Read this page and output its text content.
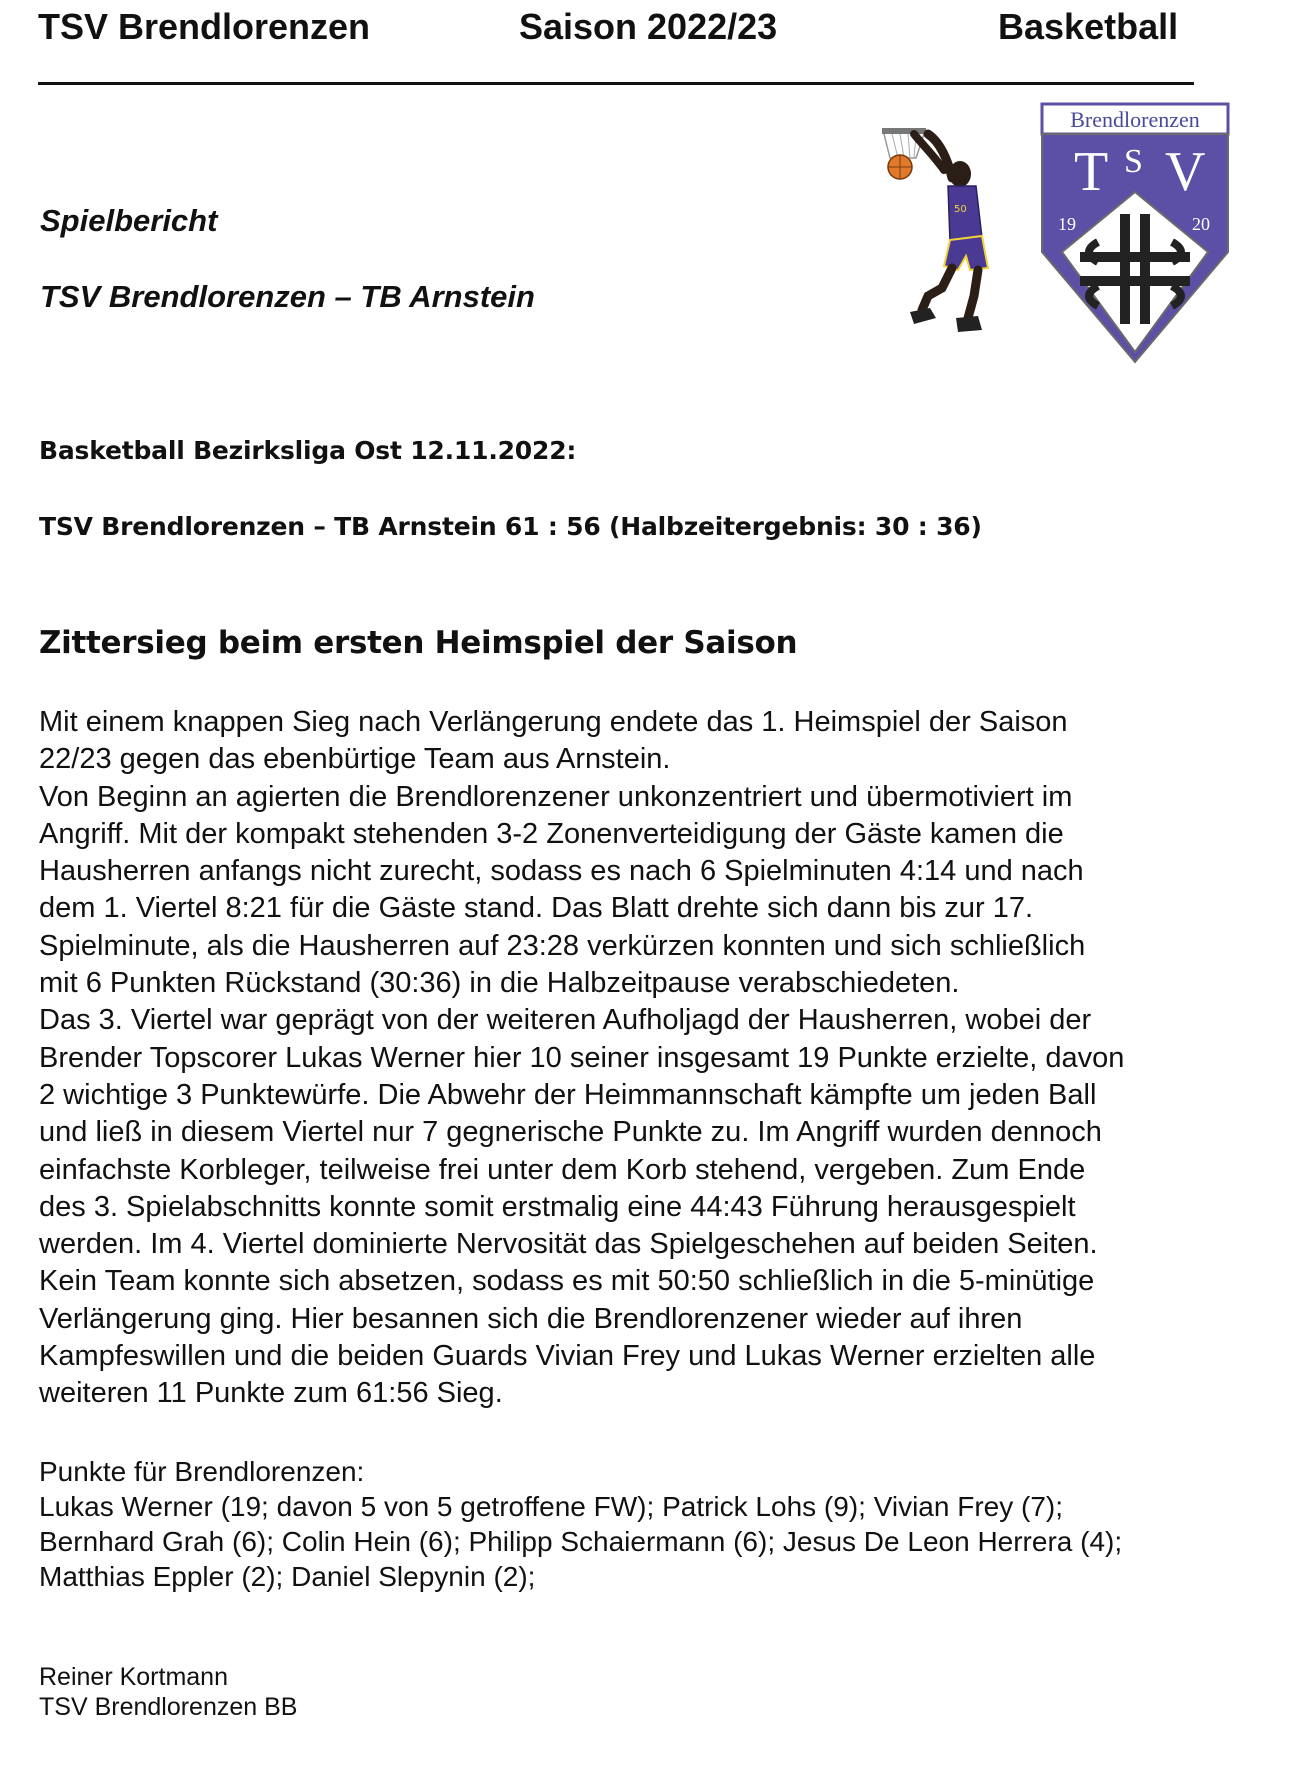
TSV Brendlorenzen	Saison 2022/23	Basketball
50
Brendlorenzen
T S V
19	20
Spielbericht
TSV Brendlorenzen – TB Arnstein
Basketball Bezirksliga Ost 12.11.2022:
TSV Brendlorenzen – TB Arnstein 61 : 56 (Halbzeitergebnis: 30 : 36)
Zittersieg beim ersten Heimspiel der Saison
Mit einem knappen Sieg nach Verlängerung endete das 1. Heimspiel der Saison
22/23 gegen das ebenbürtige Team aus Arnstein.
Von Beginn an agierten die Brendlorenzener unkonzentriert und übermotiviert im
Angriff. Mit der kompakt stehenden 3-2 Zonenverteidigung der Gäste kamen die
Hausherren anfangs nicht zurecht, sodass es nach 6 Spielminuten 4:14 und nach
dem 1. Viertel 8:21 für die Gäste stand. Das Blatt drehte sich dann bis zur 17.
Spielminute, als die Hausherren auf 23:28 verkürzen konnten und sich schließlich
mit 6 Punkten Rückstand (30:36) in die Halbzeitpause verabschiedeten.
Das 3. Viertel war geprägt von der weiteren Aufholjagd der Hausherren, wobei der
Brender Topscorer Lukas Werner hier 10 seiner insgesamt 19 Punkte erzielte, davon
2 wichtige 3 Punktewürfe. Die Abwehr der Heimmannschaft kämpfte um jeden Ball
und ließ in diesem Viertel nur 7 gegnerische Punkte zu. Im Angriff wurden dennoch
einfachste Korbleger, teilweise frei unter dem Korb stehend, vergeben. Zum Ende
des 3. Spielabschnitts konnte somit erstmalig eine 44:43 Führung herausgespielt
werden. Im 4. Viertel dominierte Nervosität das Spielgeschehen auf beiden Seiten.
Kein Team konnte sich absetzen, sodass es mit 50:50 schließlich in die 5-minütige
Verlängerung ging. Hier besannen sich die Brendlorenzener wieder auf ihren
Kampfeswillen und die beiden Guards Vivian Frey und Lukas Werner erzielten alle
weiteren 11 Punkte zum 61:56 Sieg.
Punkte für Brendlorenzen:
Lukas Werner (19; davon 5 von 5 getroffene FW); Patrick Lohs (9); Vivian Frey (7);
Bernhard Grah (6); Colin Hein (6); Philipp Schaiermann (6); Jesus De Leon Herrera (4);
Matthias Eppler (2); Daniel Slepynin (2);
Reiner Kortmann
TSV Brendlorenzen BB
